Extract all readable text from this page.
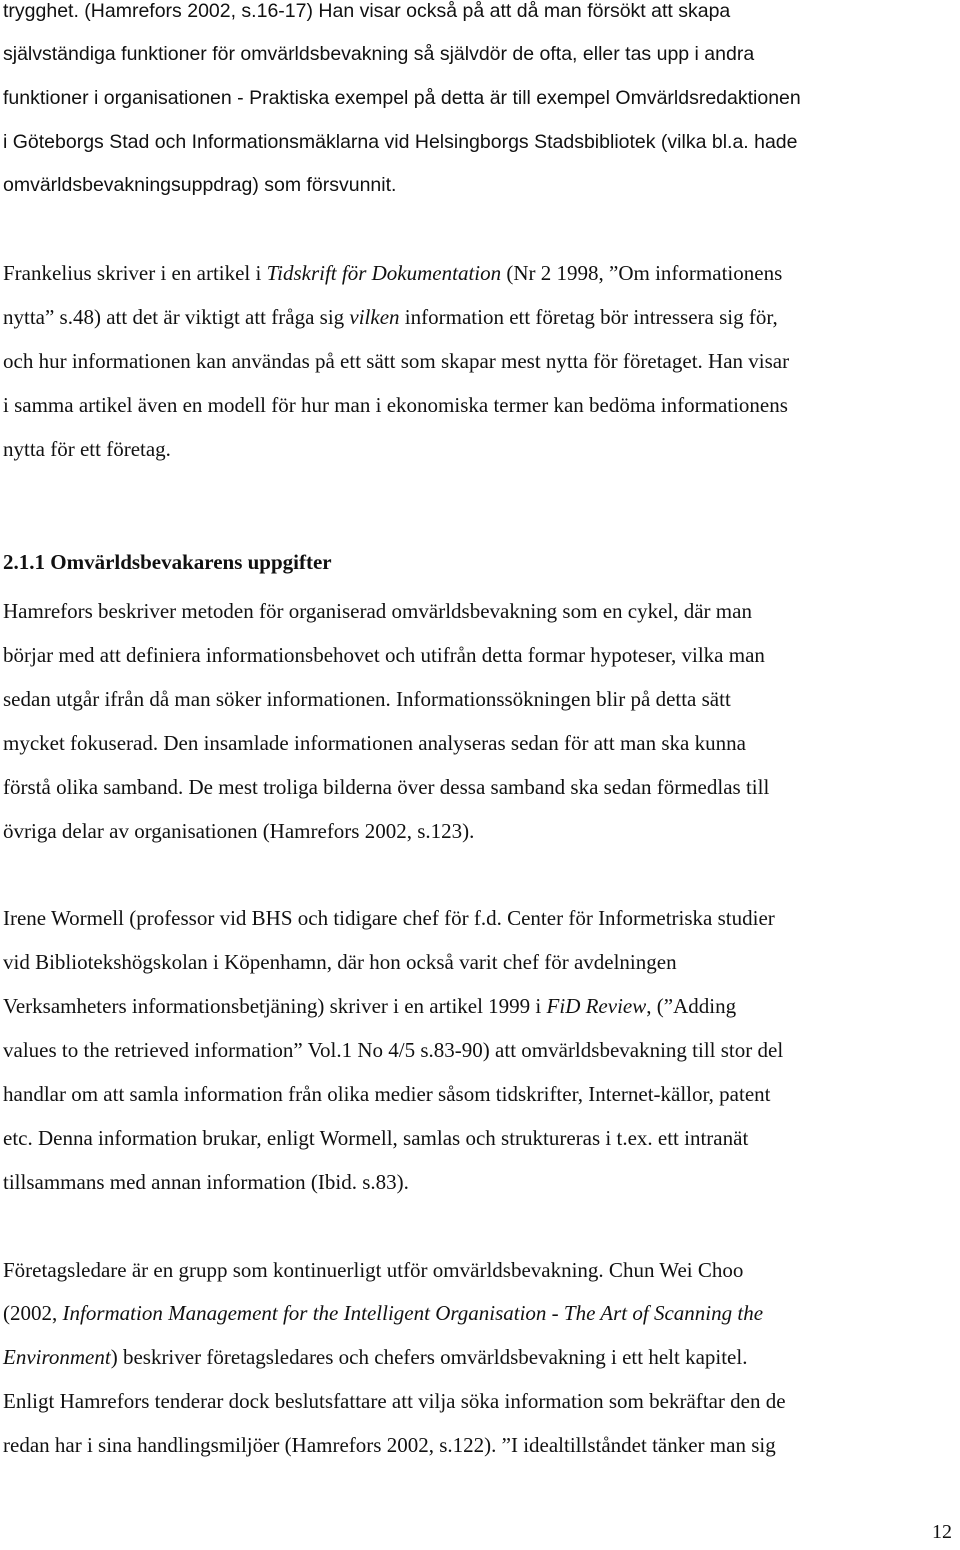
trygghet. (Hamrefors 2002, s.16-17) Han visar också på att då man försökt att skapa
självständiga funktioner för omvärldsbevakning så självdör de ofta, eller tas upp i andra
funktioner i organisationen - Praktiska exempel på detta är till exempel Omvärldsredaktionen
i Göteborgs Stad och Informationsmäklarna vid Helsingborgs Stadsbibliotek (vilka bl.a. hade
omvärldsbevakningsuppdrag) som försvunnit.
Frankelius skriver i en artikel i Tidskrift för Dokumentation (Nr 2 1998, ”Om informationens
nytta” s.48) att det är viktigt att fråga sig vilken information ett företag bör intressera sig för,
och hur informationen kan användas på ett sätt som skapar mest nytta för företaget. Han visar
i samma artikel även en modell för hur man i ekonomiska termer kan bedöma informationens
nytta för ett företag.
2.1.1 Omvärldsbevakarens uppgifter
Hamrefors beskriver metoden för organiserad omvärldsbevakning som en cykel, där man
börjar med att definiera informationsbehovet och utifrån detta formar hypoteser, vilka man
sedan utgår ifrån då man söker informationen. Informationssökningen blir på detta sätt
mycket fokuserad. Den insamlade informationen analyseras sedan för att man ska kunna
förstå olika samband. De mest troliga bilderna över dessa samband ska sedan förmedlas till
övriga delar av organisationen (Hamrefors 2002, s.123).
Irene Wormell (professor vid BHS och tidigare chef för f.d. Center för Informetriska studier
vid Bibliotekshögskolan i Köpenhamn, där hon också varit chef för avdelningen
Verksamheters informationsbetjäning) skriver i en artikel 1999 i FiD Review, (”Adding
values to the retrieved information” Vol.1 No 4/5 s.83-90) att omvärldsbevakning till stor del
handlar om att samla information från olika medier såsom tidskrifter, Internet-källor, patent
etc. Denna information brukar, enligt Wormell, samlas och struktureras i t.ex. ett intranät
tillsammans med annan information (Ibid. s.83).
Företagsledare är en grupp som kontinuerligt utför omvärldsbevakning. Chun Wei Choo
(2002, Information Management for the Intelligent Organisation - The Art of Scanning the
Environment) beskriver företagsledares och chefers omvärldsbevakning i ett helt kapitel.
Enligt Hamrefors tenderar dock beslutsfattare att vilja söka information som bekräftar den de
redan har i sina handlingsmiljöer (Hamrefors 2002, s.122). ”I idealtillståndet tänker man sig
12
